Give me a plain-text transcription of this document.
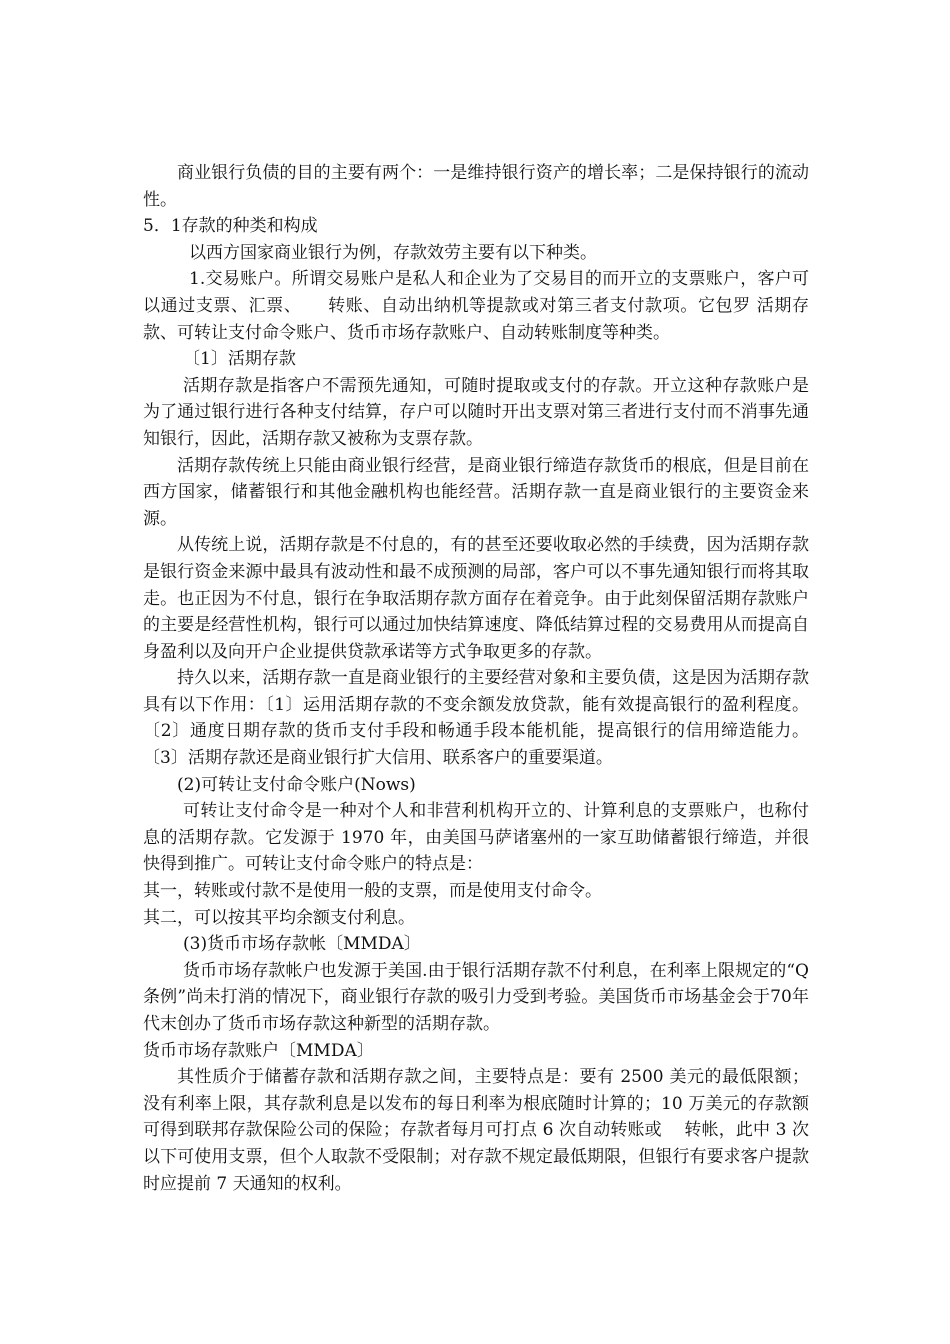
商业银行负债的目的主要有两个：一是维持银行资产的增长率；二是保持银行的流动性。

5．1存款的种类和构成

以西方国家商业银行为例，存款效劳主要有以下种类。

1.交易账户。所谓交易账户是私人和企业为了交易目的而开立的支票账户，客户可以通过支票、汇票、　　转账、自动出纳机等提款或对第三者支付款项。它包罗 活期存款、可转让支付命令账户、货币市场存款账户、自动转账制度等种类。

〔1〕活期存款

活期存款是指客户不需预先通知，可随时提取或支付的存款。开立这种存款账户是为了通过银行进行各种支付结算，存户可以随时开出支票对第三者进行支付而不消事先通知银行，因此，活期存款又被称为支票存款。

活期存款传统上只能由商业银行经营，是商业银行缔造存款货币的根底，但是目前在西方国家，储蓄银行和其他金融机构也能经营。活期存款一直是商业银行的主要资金来源。

从传统上说，活期存款是不付息的，有的甚至还要收取必然的手续费，因为活期存款是银行资金来源中最具有波动性和最不成预测的局部，客户可以不事先通知银行而将其取走。也正因为不付息，银行在争取活期存款方面存在着竞争。由于此刻保留活期存款账户的主要是经营性机构，银行可以通过加快结算速度、降低结算过程的交易费用从而提高自身盈利以及向开户企业提供贷款承诺等方式争取更多的存款。

持久以来，活期存款一直是商业银行的主要经营对象和主要负债，这是因为活期存款具有以下作用：〔1〕运用活期存款的不变余额发放贷款，能有效提高银行的盈利程度。〔2〕通度日期存款的货币支付手段和畅通手段本能机能，提高银行的信用缔造能力。〔3〕活期存款还是商业银行扩大信用、联系客户的重要渠道。

(2)可转让支付命令账户(Nows)

可转让支付命令是一种对个人和非营利机构开立的、计算利息的支票账户，也称付息的活期存款。它发源于 1970 年，由美国马萨诸塞州的一家互助储蓄银行缔造，并很快得到推广。可转让支付命令账户的特点是：

其一，转账或付款不是使用一般的支票，而是使用支付命令。

其二，可以按其平均余额支付利息。

(3)货币市场存款帐〔MMDA〕

货币市场存款帐户也发源于美国.由于银行活期存款不付利息，在利率上限规定的“Q条例”尚未打消的情况下，商业银行存款的吸引力受到考验。美国货币市场基金会于70年代末创办了货币市场存款这种新型的活期存款。

货币市场存款账户〔MMDA〕

其性质介于储蓄存款和活期存款之间，主要特点是：要有 2500 美元的最低限额；没有利率上限，其存款利息是以发布的每日利率为根底随时计算的；10 万美元的存款额可得到联邦存款保险公司的保险；存款者每月可打点 6 次自动转账或　 转帐，此中 3 次以下可使用支票，但个人取款不受限制；对存款不规定最低期限，但银行有要求客户提款时应提前 7 天通知的权利。
